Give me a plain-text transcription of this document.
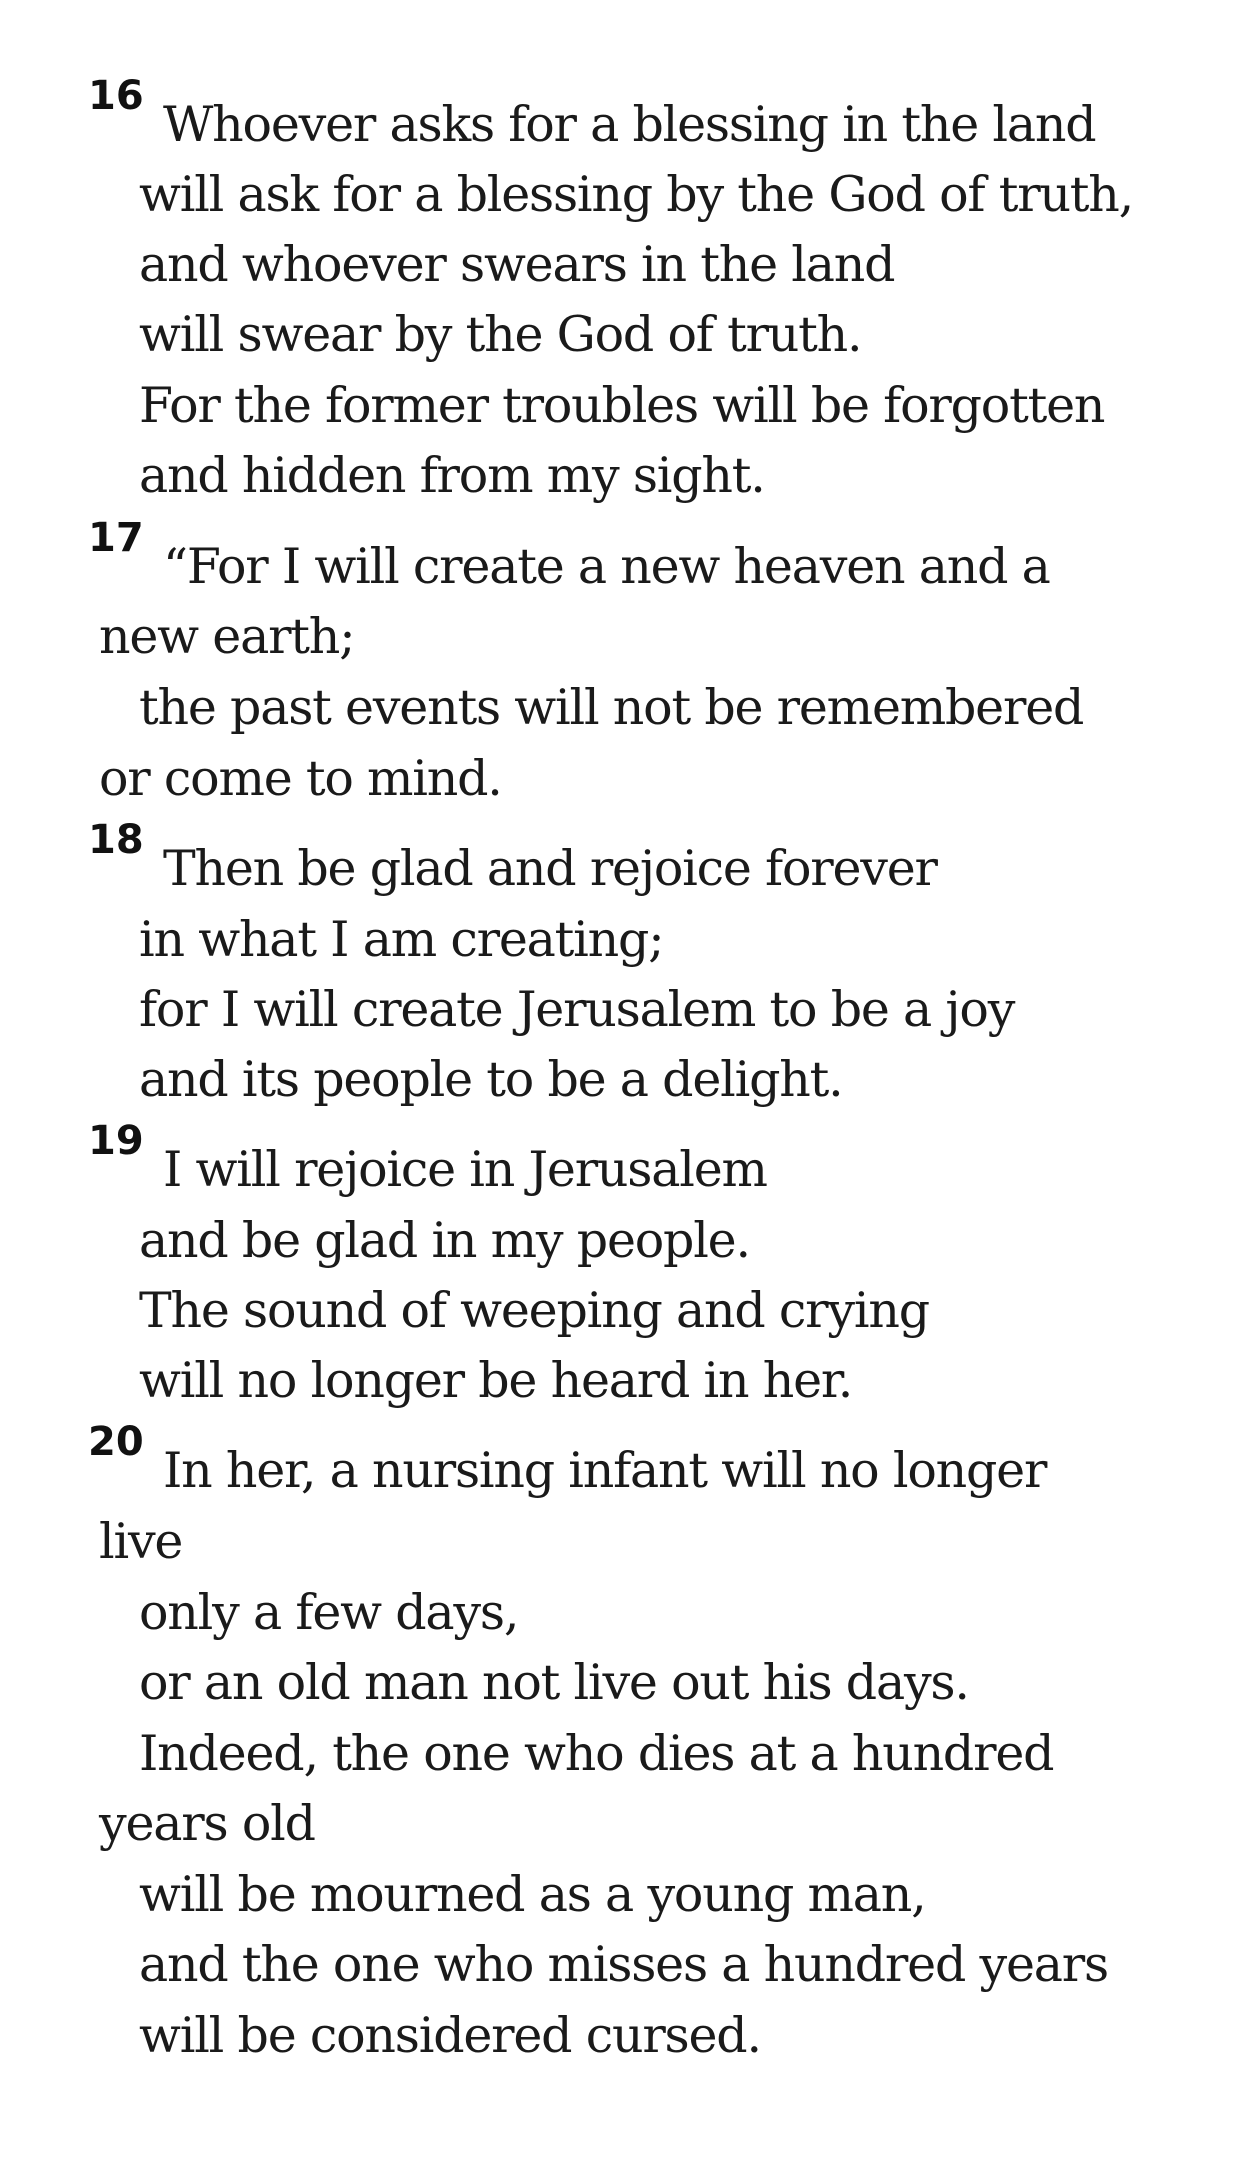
16 Whoever asks for a blessing in the land

will ask for a blessing by the God of truth,

and whoever swears in the land

will swear by the God of truth.

For the former troubles will be forgotten

and hidden from my sight.

17 “For I will create a new heaven and a

new earth;

the past events will not be remembered

or come to mind.

18 Then be glad and rejoice forever

in what I am creating;

for I will create Jerusalem to be a joy

and its people to be a delight.

19 I will rejoice in Jerusalem

and be glad in my people.

The sound of weeping and crying

will no longer be heard in her.

20 In her, a nursing infant will no longer

live

only a few days,

or an old man not live out his days.

Indeed, the one who dies at a hundred

years old

will be mourned as a young man,

and the one who misses a hundred years

will be considered cursed.
